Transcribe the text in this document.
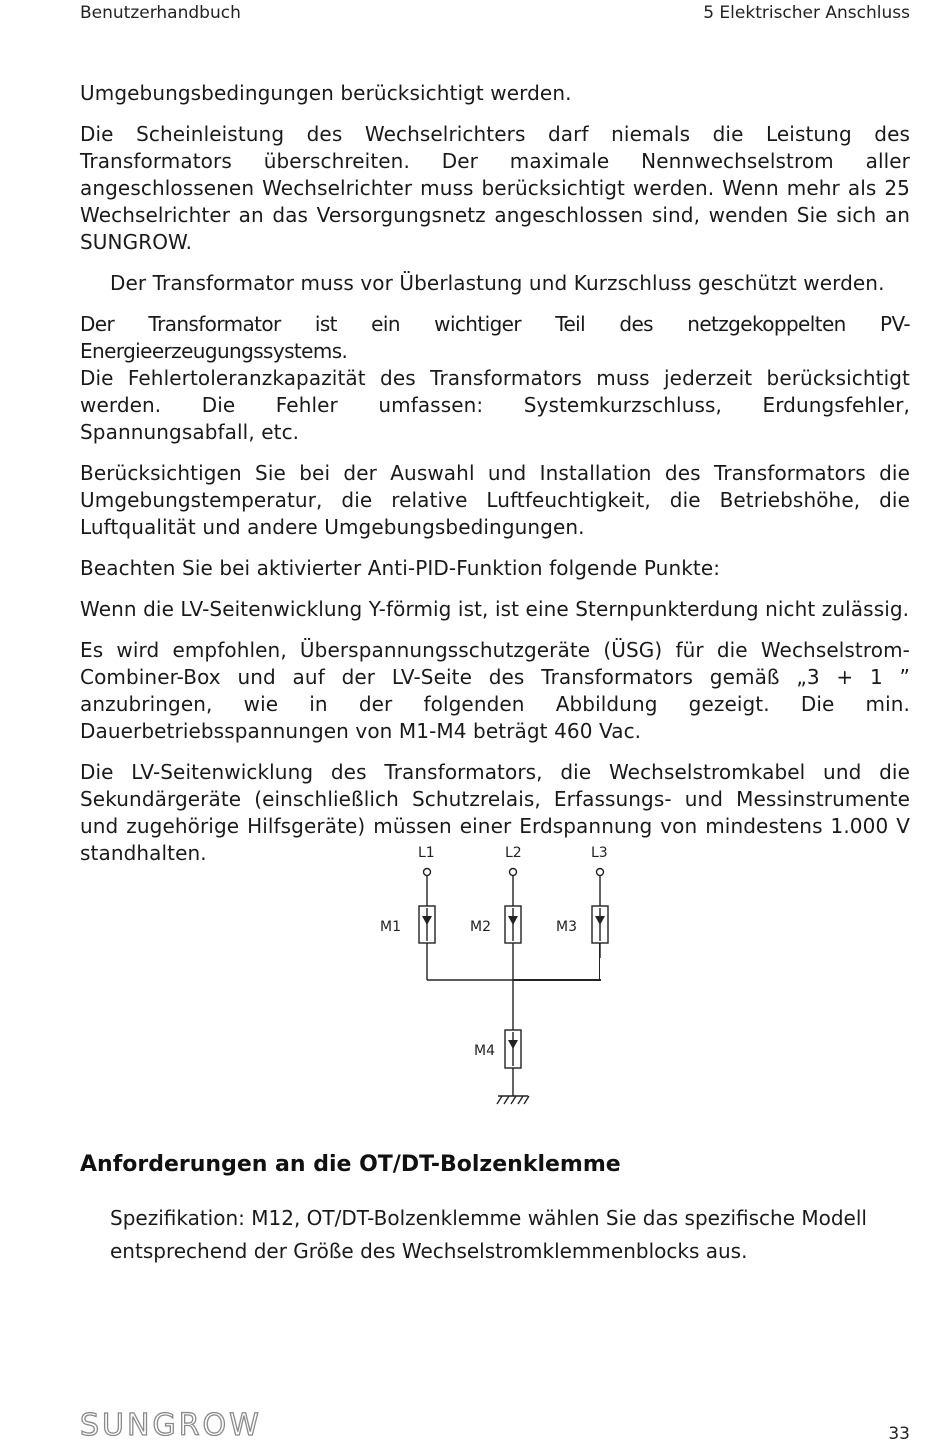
Benutzerhandbuch	5 Elektrischer Anschluss

Umgebungsbedingungen berücksichtigt werden.

Die Scheinleistung des Wechselrichters darf niemals die Leistung des Transformators überschreiten. Der maximale Nennwechselstrom aller angeschlossenen Wechselrichter muss berücksichtigt werden. Wenn mehr als 25 Wechselrichter an das Versorgungsnetz angeschlossen sind, wenden Sie sich an SUNGROW.

Der Transformator muss vor Überlastung und Kurzschluss geschützt werden.

Der Transformator ist ein wichtiger Teil des netzgekoppelten PV-Energieerzeugungssystems.

Die Fehlertoleranzkapazität des Transformators muss jederzeit berücksichtigt werden. Die Fehler umfassen: Systemkurzschluss, Erdungsfehler, Spannungsabfall, etc.

Berücksichtigen Sie bei der Auswahl und Installation des Transformators die Umgebungstemperatur, die relative Luftfeuchtigkeit, die Betriebshöhe, die Luftqualität und andere Umgebungsbedingungen.

Beachten Sie bei aktivierter Anti-PID-Funktion folgende Punkte:

Wenn die LV-Seitenwicklung Y-förmig ist, ist eine Sternpunkterdung nicht zulässig.

Es wird empfohlen, Überspannungsschutzgeräte (ÜSG) für die Wechselstrom-Combiner-Box und auf der LV-Seite des Transformators gemäß „3 + 1 ” anzubringen, wie in der folgenden Abbildung gezeigt. Die min. Dauerbetriebsspannungen von M1-M4 beträgt 460 Vac.

Die LV-Seitenwicklung des Transformators, die Wechselstromkabel und die Sekundärgeräte (einschließlich Schutzrelais, Erfassungs- und Messinstrumente und zugehörige Hilfsgeräte) müssen einer Erdspannung von mindestens 1.000 V standhalten.	L1	L2
M1	M2
M4
L3
M3
Anforderungen an die OT/DT-Bolzenklemme

Spezifikation: M12, OT/DT-Bolzenklemme wählen Sie das spezifische Modell entsprechend der Größe des Wechselstromklemmenblocks aus.

SUNGROW	33
